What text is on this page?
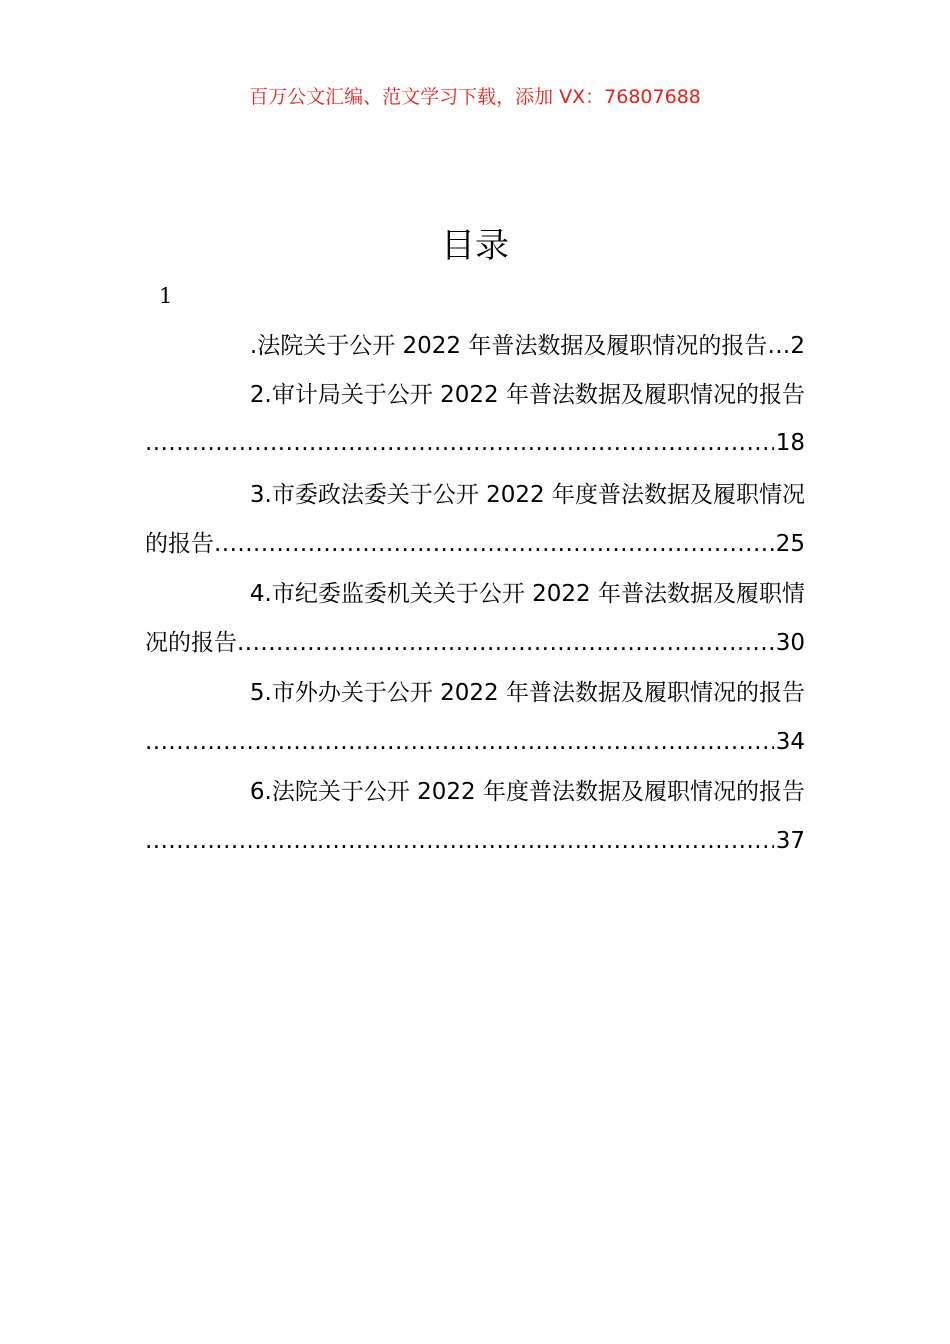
百万公文汇编、范文学习下载，添加 VX：76807688
目录
1
.法院关于公开 2022 年普法数据及履职情况的报告…2
2.审计局关于公开 2022 年普法数据及履职情况的报告
.....
18
3.市委政法委关于公开 2022 年度普法数据及履职情况
的报告 .....	25
4.市纪委监委机关关于公开 2022 年普法数据及履职情
况的报告 .....	30
5.市外办关于公开 2022 年普法数据及履职情况的报告
.....
34
6.法院关于公开 2022 年度普法数据及履职情况的报告
.....
37
